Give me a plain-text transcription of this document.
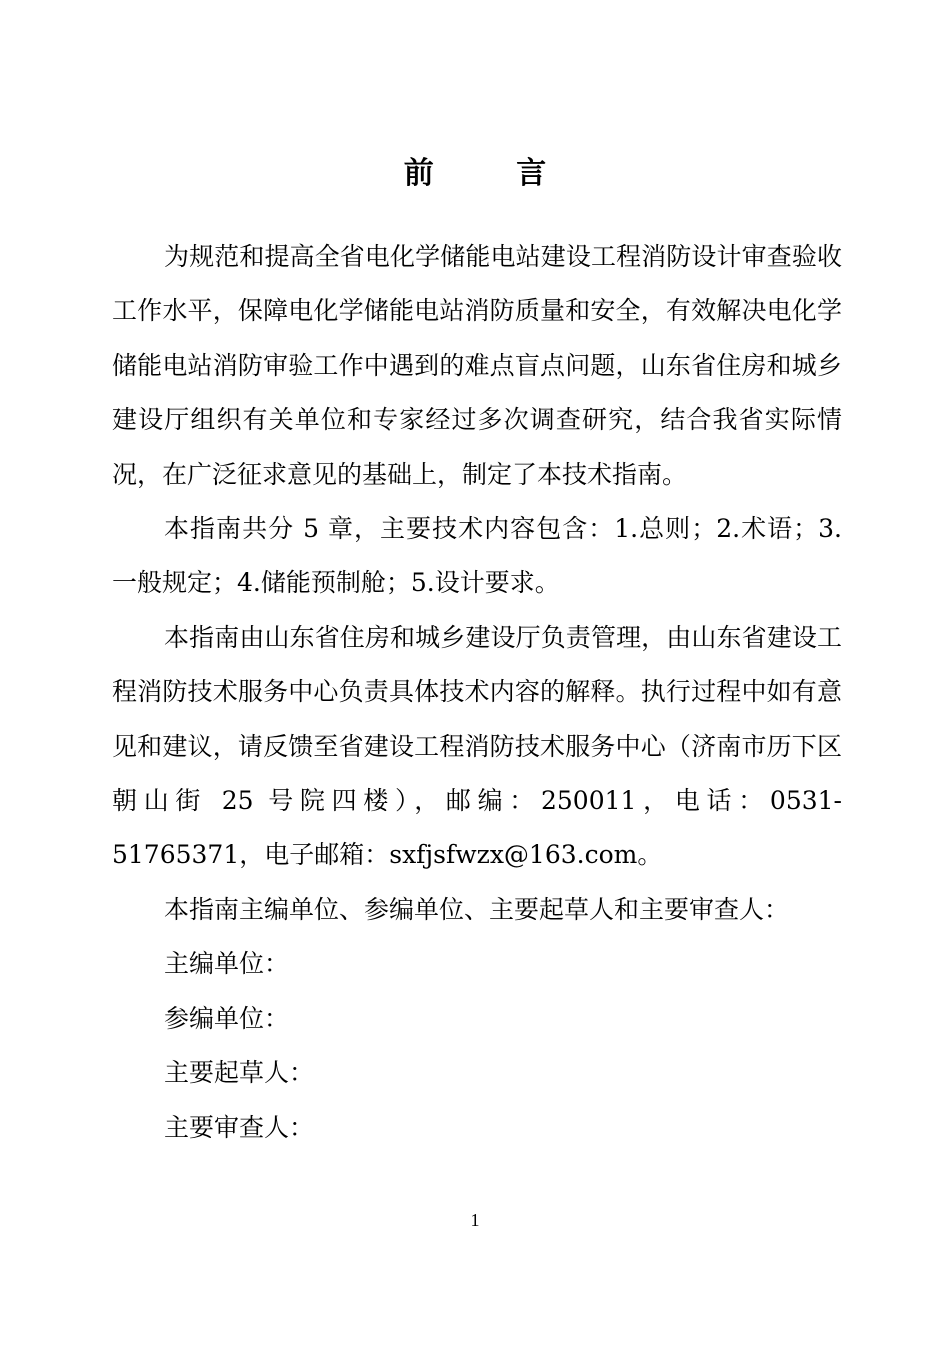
前 言

为规范和提高全省电化学储能电站建设工程消防设计审查验收工作水平，保障电化学储能电站消防质量和安全，有效解决电化学储能电站消防审验工作中遇到的难点盲点问题，山东省住房和城乡建设厅组织有关单位和专家经过多次调查研究，结合我省实际情况，在广泛征求意见的基础上，制定了本技术指南。

本指南共分 5 章，主要技术内容包含：1.总则；2.术语；3.一般规定；4.储能预制舱；5.设计要求。

本指南由山东省住房和城乡建设厅负责管理，由山东省建设工程消防技术服务中心负责具体技术内容的解释。执行过程中如有意见和建议，请反馈至省建设工程消防技术服务中心（济南市历下区朝山街 25 号院四楼），邮编：250011，电话：0531-51765371，电子邮箱：sxfjsfwzx@163.com。

本指南主编单位、参编单位、主要起草人和主要审查人：

主编单位：

参编单位：

主要起草人：

主要审查人：

1
